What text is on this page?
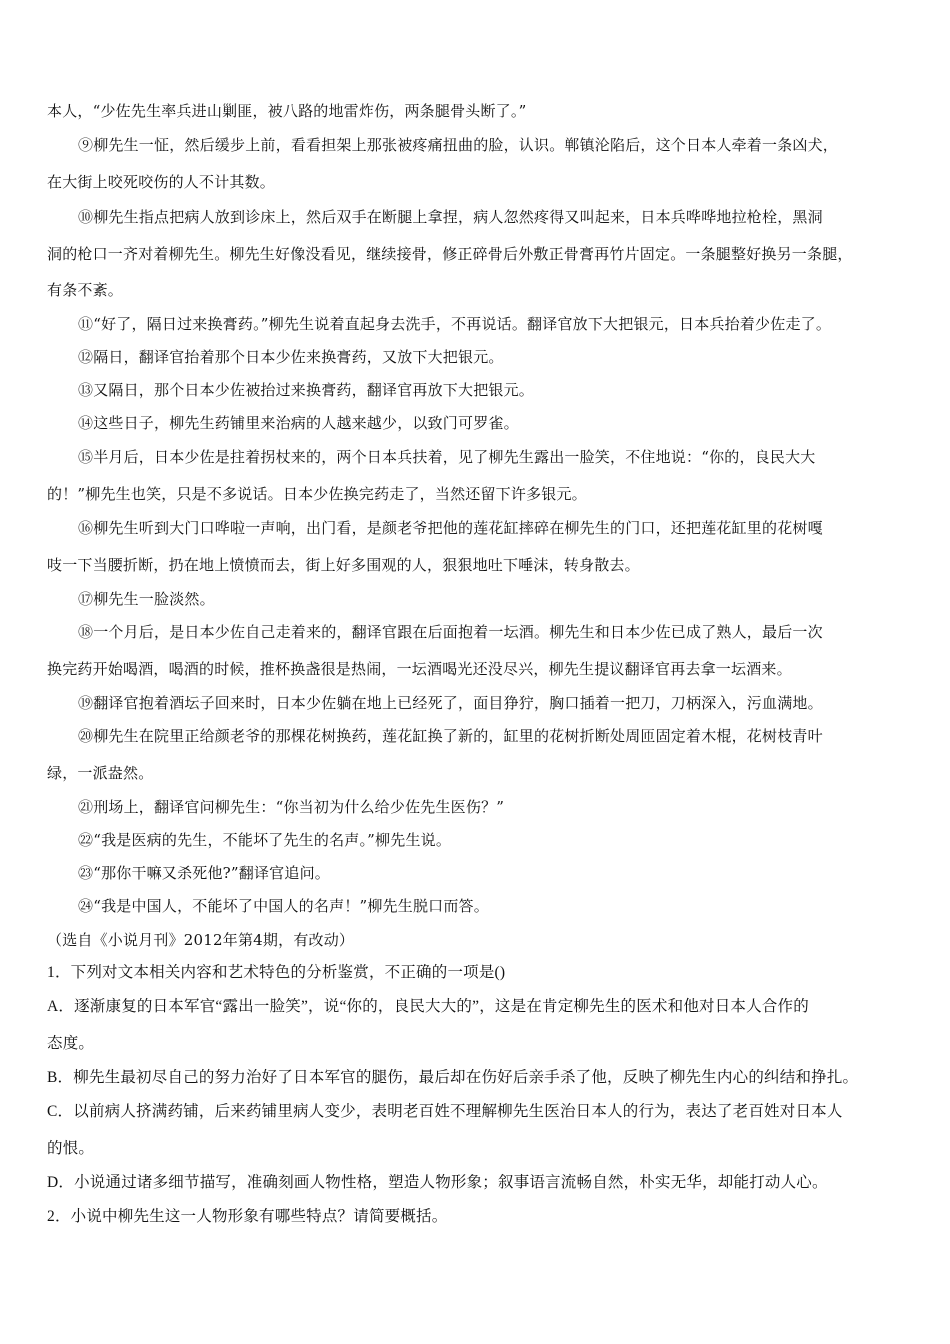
本人，“少佐先生率兵进山剿匪，被八路的地雷炸伤，两条腿骨头断了。”
⑨柳先生一怔，然后缓步上前，看看担架上那张被疼痛扭曲的脸，认识。郸镇沦陷后，这个日本人牵着一条凶犬，
在大街上咬死咬伤的人不计其数。
⑩柳先生指点把病人放到诊床上，然后双手在断腿上拿捏，病人忽然疼得又叫起来，日本兵哗哗地拉枪栓，黑洞
洞的枪口一齐对着柳先生。柳先生好像没看见，继续接骨，修正碎骨后外敷正骨膏再竹片固定。一条腿整好换另一条腿，
有条不紊。
⑪“好了，隔日过来换膏药。”柳先生说着直起身去洗手，不再说话。翻译官放下大把银元，日本兵抬着少佐走了。
⑫隔日，翻译官抬着那个日本少佐来换膏药，又放下大把银元。
⑬又隔日，那个日本少佐被抬过来换膏药，翻译官再放下大把银元。
⑭这些日子，柳先生药铺里来治病的人越来越少，以致门可罗雀。
⑮半月后，日本少佐是拄着拐杖来的，两个日本兵扶着，见了柳先生露出一脸笑，不住地说：“你的，良民大大
的！”柳先生也笑，只是不多说话。日本少佐换完药走了，当然还留下许多银元。
⑯柳先生听到大门口哗啦一声响，出门看，是颜老爷把他的莲花缸摔碎在柳先生的门口，还把莲花缸里的花树嘎
吱一下当腰折断，扔在地上愤愤而去，街上好多围观的人，狠狠地吐下唾沫，转身散去。
⑰柳先生一脸淡然。
⑱一个月后，是日本少佐自己走着来的，翻译官跟在后面抱着一坛酒。柳先生和日本少佐已成了熟人，最后一次
换完药开始喝酒，喝酒的时候，推杯换盏很是热闹，一坛酒喝光还没尽兴，柳先生提议翻译官再去拿一坛酒来。
⑲翻译官抱着酒坛子回来时，日本少佐躺在地上已经死了，面目狰狞，胸口插着一把刀，刀柄深入，污血满地。
⑳柳先生在院里正给颜老爷的那棵花树换药，莲花缸换了新的，缸里的花树折断处周匝固定着木棍，花树枝青叶
绿，一派盎然。
㉑刑场上，翻译官问柳先生：“你当初为什么给少佐先生医伤？”
㉒“我是医病的先生，不能坏了先生的名声。”柳先生说。
㉓“那你干嘛又杀死他?”翻译官追问。
㉔“我是中国人，不能坏了中国人的名声！”柳先生脱口而答。
（选自《小说月刊》2012年第4期，有改动）
1．下列对文本相关内容和艺术特色的分析鉴赏，不正确的一项是()
A．逐渐康复的日本军官“露出一脸笑”，说“你的，良民大大的”，这是在肯定柳先生的医术和他对日本人合作的
态度。
B．柳先生最初尽自己的努力治好了日本军官的腿伤，最后却在伤好后亲手杀了他，反映了柳先生内心的纠结和挣扎。
C．以前病人挤满药铺，后来药铺里病人变少，表明老百姓不理解柳先生医治日本人的行为，表达了老百姓对日本人
的恨。
D．小说通过诸多细节描写，准确刻画人物性格，塑造人物形象；叙事语言流畅自然，朴实无华，却能打动人心。
2．小说中柳先生这一人物形象有哪些特点？请简要概括。
